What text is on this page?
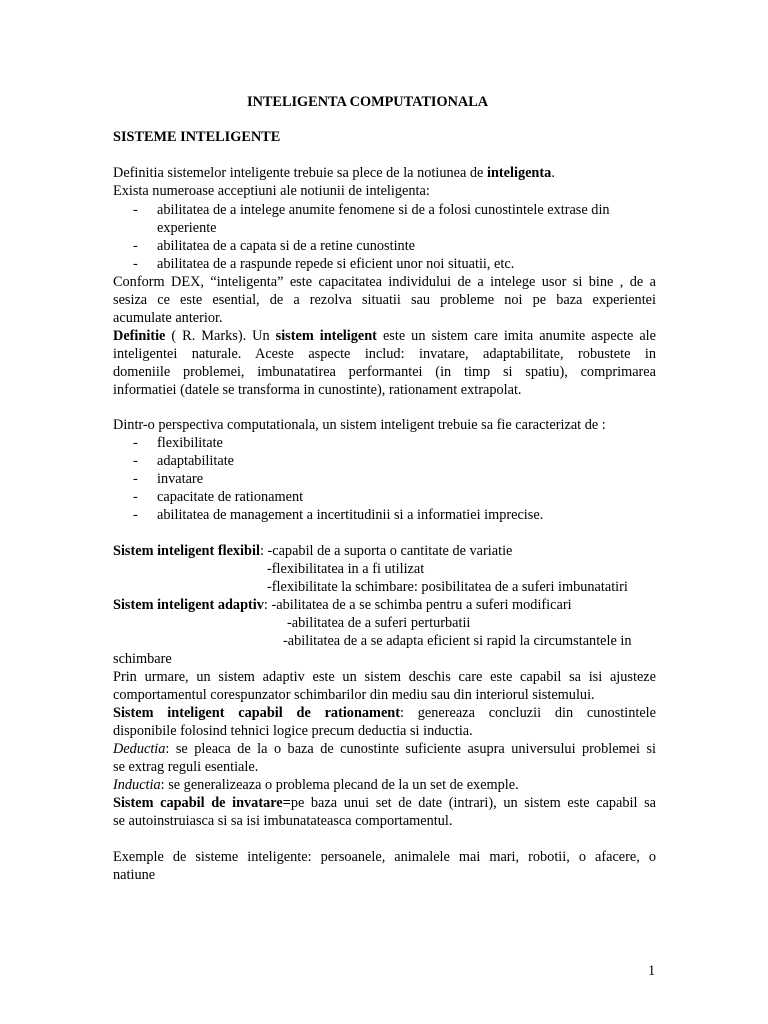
INTELIGENTA COMPUTATIONALA
SISTEME INTELIGENTE
Definitia sistemelor inteligente trebuie sa plece de la notiunea de inteligenta.
Exista numeroase acceptiuni ale notiunii de inteligenta:
- abilitatea de a intelege anumite fenomene si de a folosi cunostintele extrase din
experiente
- abilitatea de a capata si de a retine cunostinte
- abilitatea de a raspunde repede si eficient unor noi situatii, etc.
Conform DEX, “inteligenta” este capacitatea individului de a intelege usor si bine , de a
sesiza ce este esential, de a rezolva situatii sau probleme noi pe baza experientei
acumulate anterior.
Definitie ( R. Marks). Un sistem inteligent este un sistem care imita anumite aspecte ale
inteligentei naturale. Aceste aspecte includ: invatare, adaptabilitate, robustete in
domeniile problemei, imbunatatirea performantei (in timp si spatiu), comprimarea
informatiei (datele se transforma in cunostinte), rationament extrapolat.
Dintr-o perspectiva computationala, un sistem inteligent trebuie sa fie caracterizat de :
- flexibilitate
- adaptabilitate
- invatare
- capacitate de rationament
- abilitatea de management a incertitudinii si a informatiei imprecise.
Sistem inteligent flexibil: -capabil de a suporta o cantitate de variatie
-flexibilitatea in a fi utilizat
-flexibilitate la schimbare: posibilitatea de a suferi imbunatatiri
Sistem inteligent adaptiv: -abilitatea de a se schimba pentru a suferi modificari
-abilitatea de a suferi perturbatii
-abilitatea de a se adapta eficient si rapid la circumstantele in
schimbare
Prin urmare, un sistem adaptiv este un sistem deschis care este capabil sa isi ajusteze
comportamentul corespunzator schimbarilor din mediu sau din interiorul sistemului.
Sistem inteligent capabil de rationament: genereaza concluzii din cunostintele
disponibile folosind tehnici logice precum deductia si inductia.
Deductia: se pleaca de la o baza de cunostinte suficiente asupra universului problemei si
se extrag reguli esentiale.
Inductia: se generalizeaza o problema plecand de la un set de exemple.
Sistem capabil de invatare=pe baza unui set de date (intrari), un sistem este capabil sa
se autoinstruiasca si sa isi imbunatateasca comportamentul.
Exemple de sisteme inteligente: persoanele, animalele mai mari, robotii, o afacere, o
natiune
1
